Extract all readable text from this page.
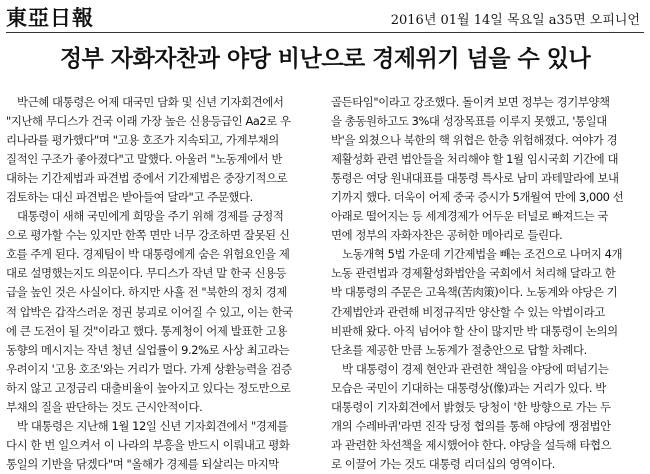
東亞日報	2016년 01월 14일 목요일 a35면 오피니언
정부 자화자찬과 야당 비난으로 경제위기 넘을 수 있나

박근혜 대통령은 어제 대국민 담화 및 신년 기자회견에서

"지난해 무디스가 건국 이래 가장 높은 신용등급인 Aa2로 우

리나라를 평가했다"며 "고용 호조가 지속되고, 가계부채의

질적인 구조가 좋아졌다"고 말했다. 아울러 "노동계에서 반

대하는 기간제법과 파견법 중에서 기간제법은 중장기적으로

검토하는 대신 파견법은 받아들여 달라"고 주문했다.

대통령이 새해 국민에게 희망을 주기 위해 경제를 긍정적

으로 평가할 수는 있지만 한쪽 면만 너무 강조하면 잘못된 신

호를 주게 된다. 경제팀이 박 대통령에게 숨은 위험요인을 제

대로 설명했는지도 의문이다. 무디스가 작년 말 한국 신용등

급을 높인 것은 사실이다. 하지만 사흘 전 "북한의 정치 경제

적 압박은 갑작스러운 정권 붕괴로 이어질 수 있고, 이는 한국

에 큰 도전이 될 것"이라고 했다. 통계청이 어제 발표한 고용

동향의 메시지는 작년 청년 실업률이 9.2%로 사상 최고라는

우려이지 '고용 호조'와는 거리가 멀다. 가계 상환능력을 검증

하지 않고 고정금리 대출비율이 높아지고 있다는 정도만으로

부채의 질을 판단하는 것도 근시안적이다.

박 대통령은 지난해 1월 12일 신년 기자회견에서 "경제를

다시 한 번 일으켜서 이 나라의 부흥을 반드시 이뤄내고 평화

통일의 기반을 닦겠다"며 "올해가 경제를 되살리는 마지막

골든타임"이라고 강조했다. 돌이켜 보면 정부는 경기부양책

을 총동원하고도 3%대 성장목표를 이루지 못했고, '통일대

박'을 외쳤으나 북한의 핵 위협은 한층 위험해졌다. 여야가 경

제활성화 관련 법안들을 처리해야 할 1월 임시국회 기간에 대

통령은 여당 원내대표를 대통령 특사로 남미 과테말라에 보내

기까지 했다. 더욱이 어제 중국 증시가 5개월여 만에 3,000 선

아래로 떨어지는 등 세계경제가 어두운 터널로 빠져드는 국

면에 정부의 자화자찬은 공허한 메아리로 들린다.

노동개혁 5법 가운데 기간제법을 빼는 조건으로 나머지 4개

노동 관련법과 경제활성화법안을 국회에서 처리해 달라고 한

박 대통령의 주문은 고육책(苦肉策)이다. 노동계와 야당은 기

간제법안과 관련해 비정규직만 양산할 수 있는 악법이라고

비판해 왔다. 아직 넘어야 할 산이 많지만 박 대통령이 논의의

단초를 제공한 만큼 노동계가 절충안으로 답할 차례다.

박 대통령이 경제 현안과 관련한 책임을 야당에 떠넘기는

모습은 국민이 기대하는 대통령상(像)과는 거리가 있다. 박

대통령이 기자회견에서 밝혔듯 당청이 '한 방향으로 가는 두

개의 수레바퀴'라면 진작 당정 협의를 통해 야당에 쟁점법안

과 관련한 차선책을 제시했어야 한다. 야당을 설득해 타협으

로 이끌어 가는 것도 대통령 리더십의 영역이다.
